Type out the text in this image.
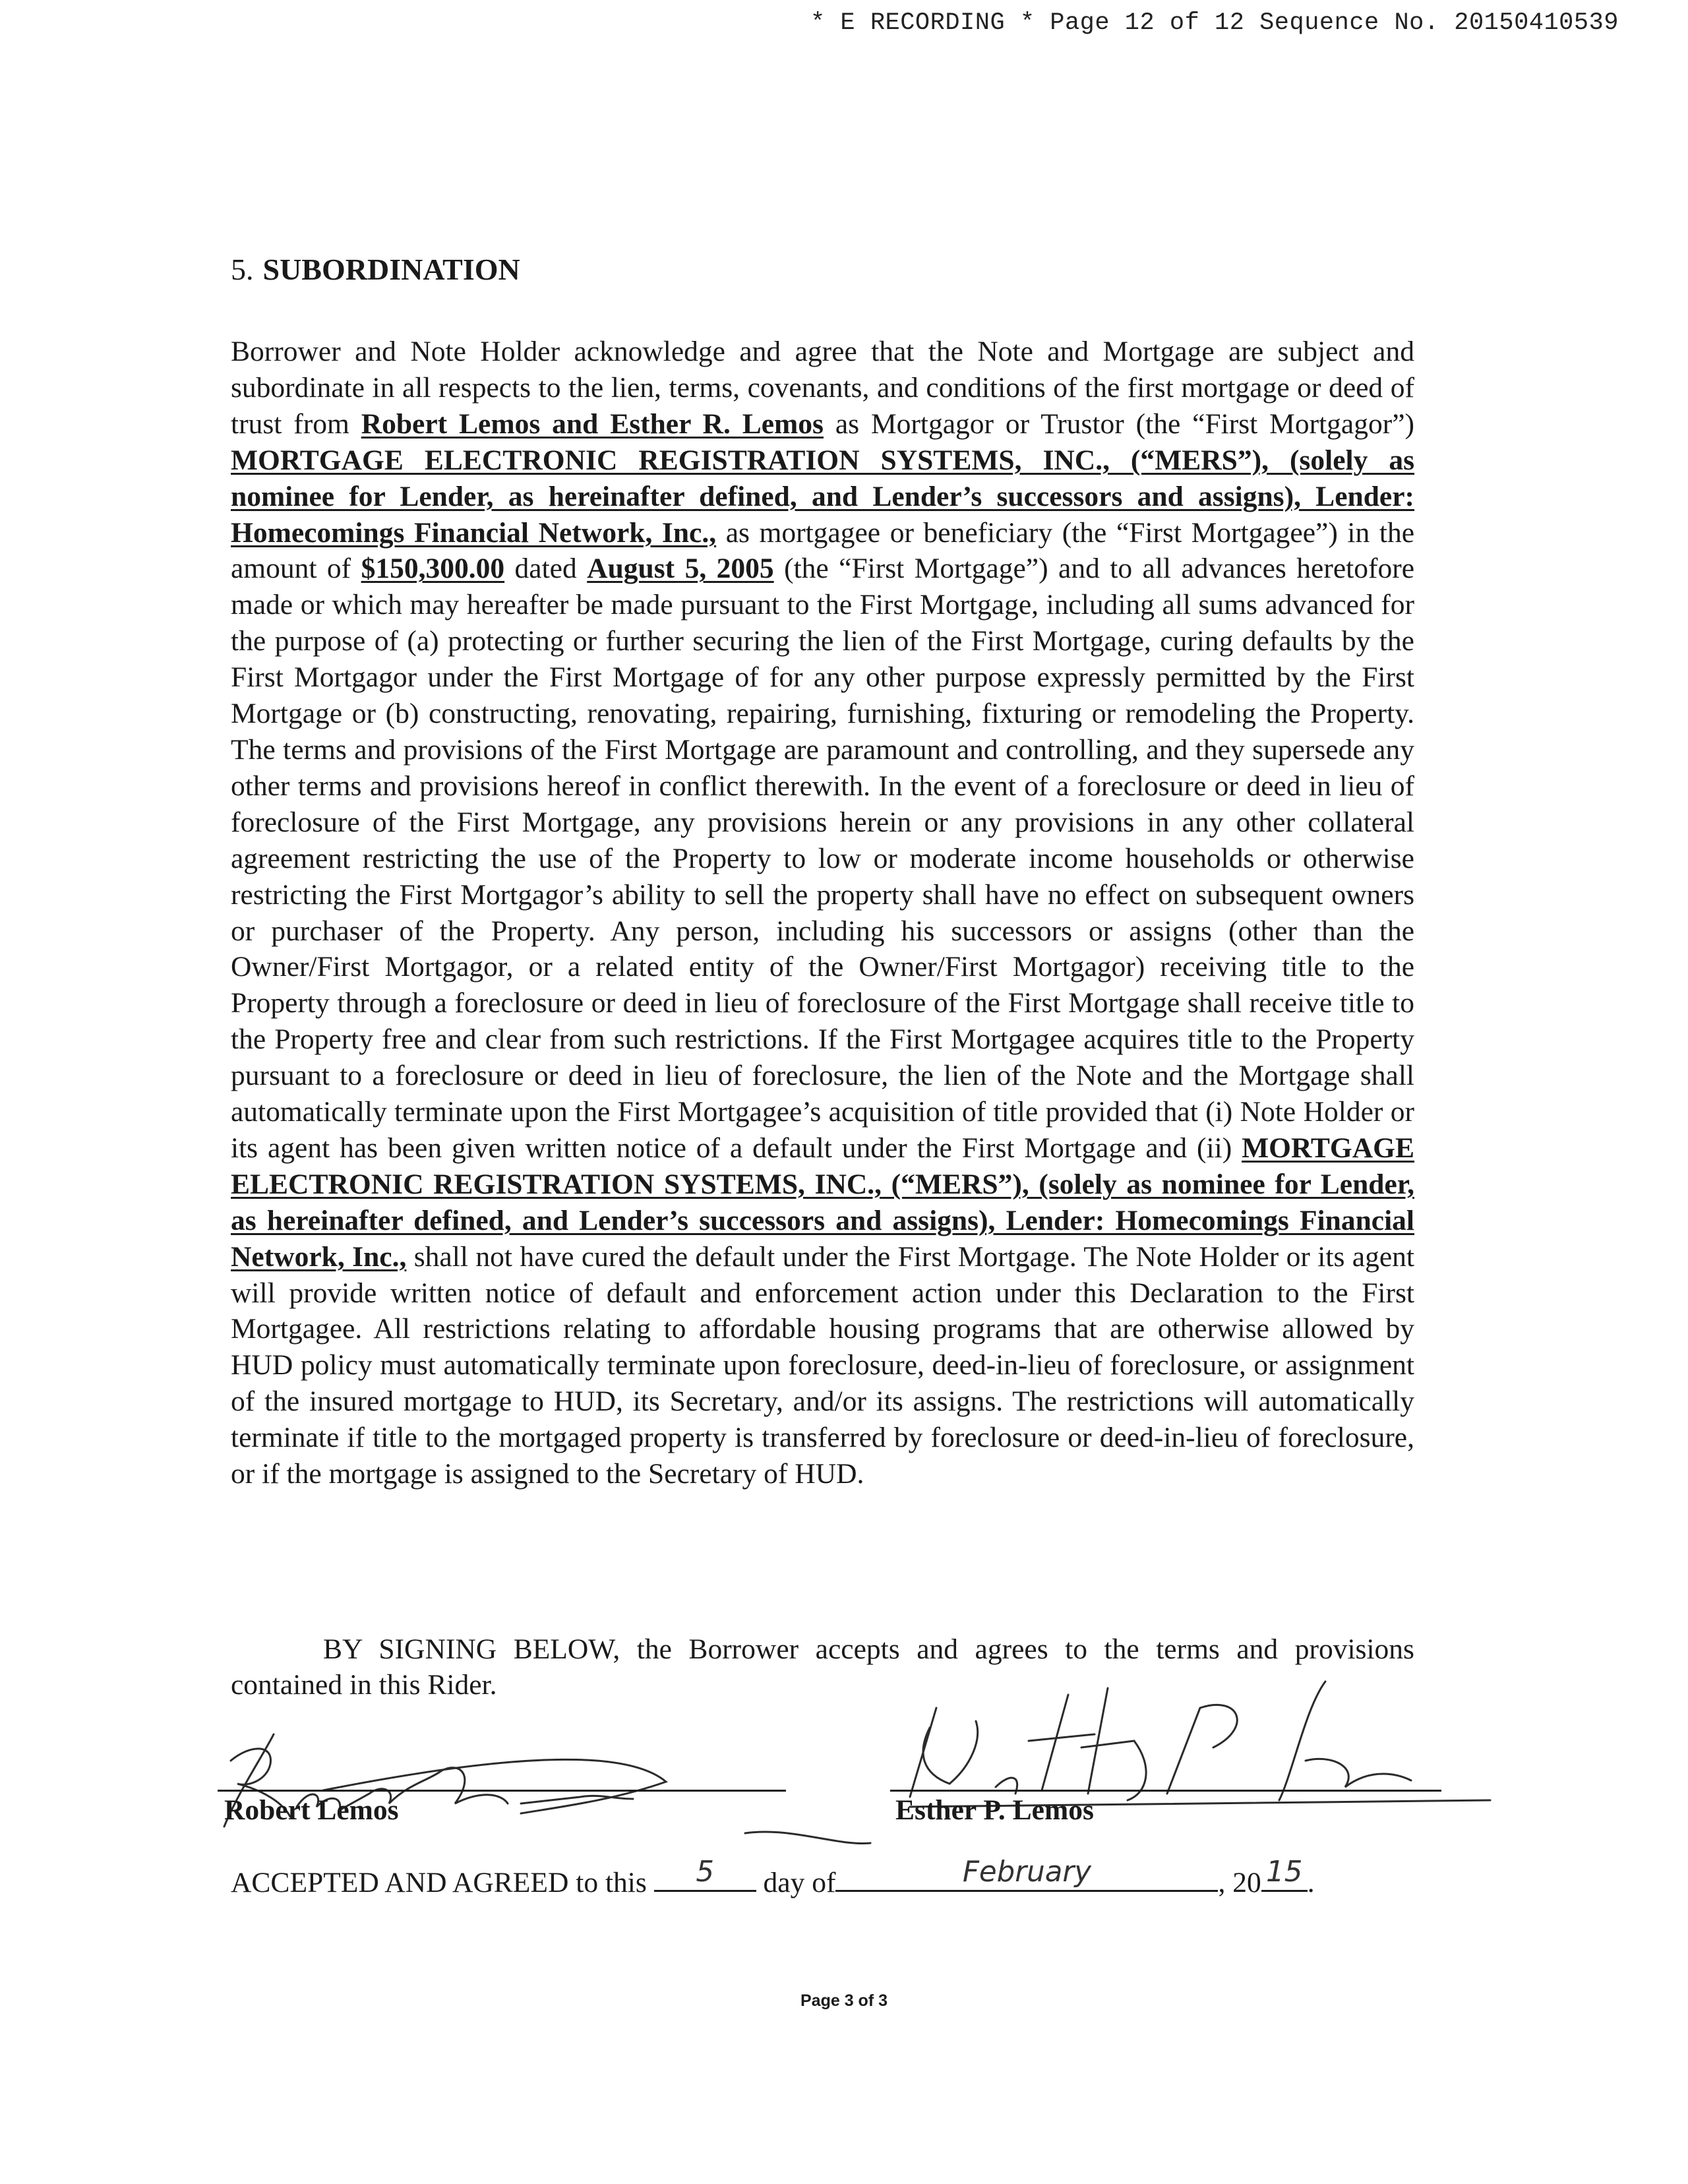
* E RECORDING * Page 12 of 12 Sequence No. 20150410539
5. SUBORDINATION
Borrower and Note Holder acknowledge and agree that the Note and Mortgage are subject and subordinate in all respects to the lien, terms, covenants, and conditions of the first mortgage or deed of trust from Robert Lemos and Esther R. Lemos as Mortgagor or Trustor (the “First Mortgagor”) MORTGAGE ELECTRONIC REGISTRATION SYSTEMS, INC., (“MERS”), (solely as nominee for Lender, as hereinafter defined, and Lender’s successors and assigns), Lender: Homecomings Financial Network, Inc., as mortgagee or beneficiary (the “First Mortgagee”) in the amount of $150,300.00 dated August 5, 2005 (the “First Mortgage”) and to all advances heretofore made or which may hereafter be made pursuant to the First Mortgage, including all sums advanced for the purpose of (a) protecting or further securing the lien of the First Mortgage, curing defaults by the First Mortgagor under the First Mortgage of for any other purpose expressly permitted by the First Mortgage or (b) constructing, renovating, repairing, furnishing, fixturing or remodeling the Property. The terms and provisions of the First Mortgage are paramount and controlling, and they supersede any other terms and provisions hereof in conflict therewith. In the event of a foreclosure or deed in lieu of foreclosure of the First Mortgage, any provisions herein or any provisions in any other collateral agreement restricting the use of the Property to low or moderate income households or otherwise restricting the First Mortgagor’s ability to sell the property shall have no effect on subsequent owners or purchaser of the Property. Any person, including his successors or assigns (other than the Owner/First Mortgagor, or a related entity of the Owner/First Mortgagor) receiving title to the Property through a foreclosure or deed in lieu of foreclosure of the First Mortgage shall receive title to the Property free and clear from such restrictions. If the First Mortgagee acquires title to the Property pursuant to a foreclosure or deed in lieu of foreclosure, the lien of the Note and the Mortgage shall automatically terminate upon the First Mortgagee’s acquisition of title provided that (i) Note Holder or its agent has been given written notice of a default under the First Mortgage and (ii) MORTGAGE ELECTRONIC REGISTRATION SYSTEMS, INC., (“MERS”), (solely as nominee for Lender, as hereinafter defined, and Lender’s successors and assigns), Lender: Homecomings Financial Network, Inc., shall not have cured the default under the First Mortgage. The Note Holder or its agent will provide written notice of default and enforcement action under this Declaration to the First Mortgagee. All restrictions relating to affordable housing programs that are otherwise allowed by HUD policy must automatically terminate upon foreclosure, deed-in-lieu of foreclosure, or assignment of the insured mortgage to HUD, its Secretary, and/or its assigns. The restrictions will automatically terminate if title to the mortgaged property is transferred by foreclosure or deed-in-lieu of foreclosure, or if the mortgage is assigned to the Secretary of HUD.
BY SIGNING BELOW, the Borrower accepts and agrees to the terms and provisions contained in this Rider.
Robert Lemos	Esther P. Lemos
ACCEPTED AND AGREED to this	5	day of	February	, 20 15 .
Page 3 of 3
